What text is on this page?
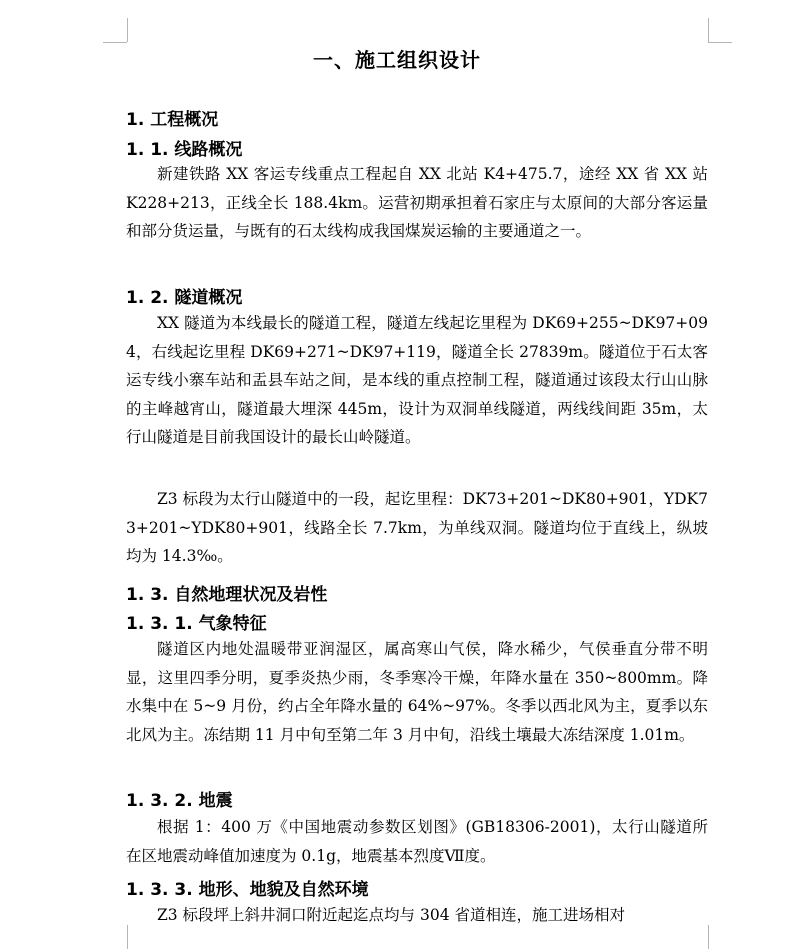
一、施工组织设计
1. 工程概况
1. 1. 线路概况
新建铁路 XX 客运专线重点工程起自 XX 北站 K4+475.7，途经 XX 省 XX 站 K228+213，正线全长 188.4km。运营初期承担着石家庄与太原间的大部分客运量和部分货运量，与既有的石太线构成我国煤炭运输的主要通道之一。
1. 2. 隧道概况
XX 隧道为本线最长的隧道工程，隧道左线起讫里程为 DK69+255~DK97+094，右线起讫里程 DK69+271~DK97+119，隧道全长 27839m。隧道位于石太客运专线小寨车站和盂县车站之间，是本线的重点控制工程，隧道通过该段太行山山脉的主峰越宵山，隧道最大埋深 445m，设计为双洞单线隧道，两线线间距 35m，太行山隧道是目前我国设计的最长山岭隧道。
Z3 标段为太行山隧道中的一段，起讫里程：DK73+201~DK80+901，YDK73+201~YDK80+901，线路全长 7.7km，为单线双洞。隧道均位于直线上，纵坡均为 14.3‰。
1. 3. 自然地理状况及岩性
1. 3. 1. 气象特征
隧道区内地处温暖带亚润湿区，属高寒山气侯，降水稀少，气侯垂直分带不明显，这里四季分明，夏季炎热少雨，冬季寒冷干燥，年降水量在 350~800mm。降水集中在 5~9 月份，约占全年降水量的 64%~97%。冬季以西北风为主，夏季以东北风为主。冻结期 11 月中旬至第二年 3 月中旬，沿线土壤最大冻结深度 1.01m。
1. 3. 2. 地震
根据 1：400 万《中国地震动参数区划图》(GB18306-2001)，太行山隧道所在区地震动峰值加速度为 0.1g，地震基本烈度Ⅶ度。
1. 3. 3. 地形、地貌及自然环境
Z3 标段坪上斜井洞口附近起迄点均与 304 省道相连，施工进场相对
